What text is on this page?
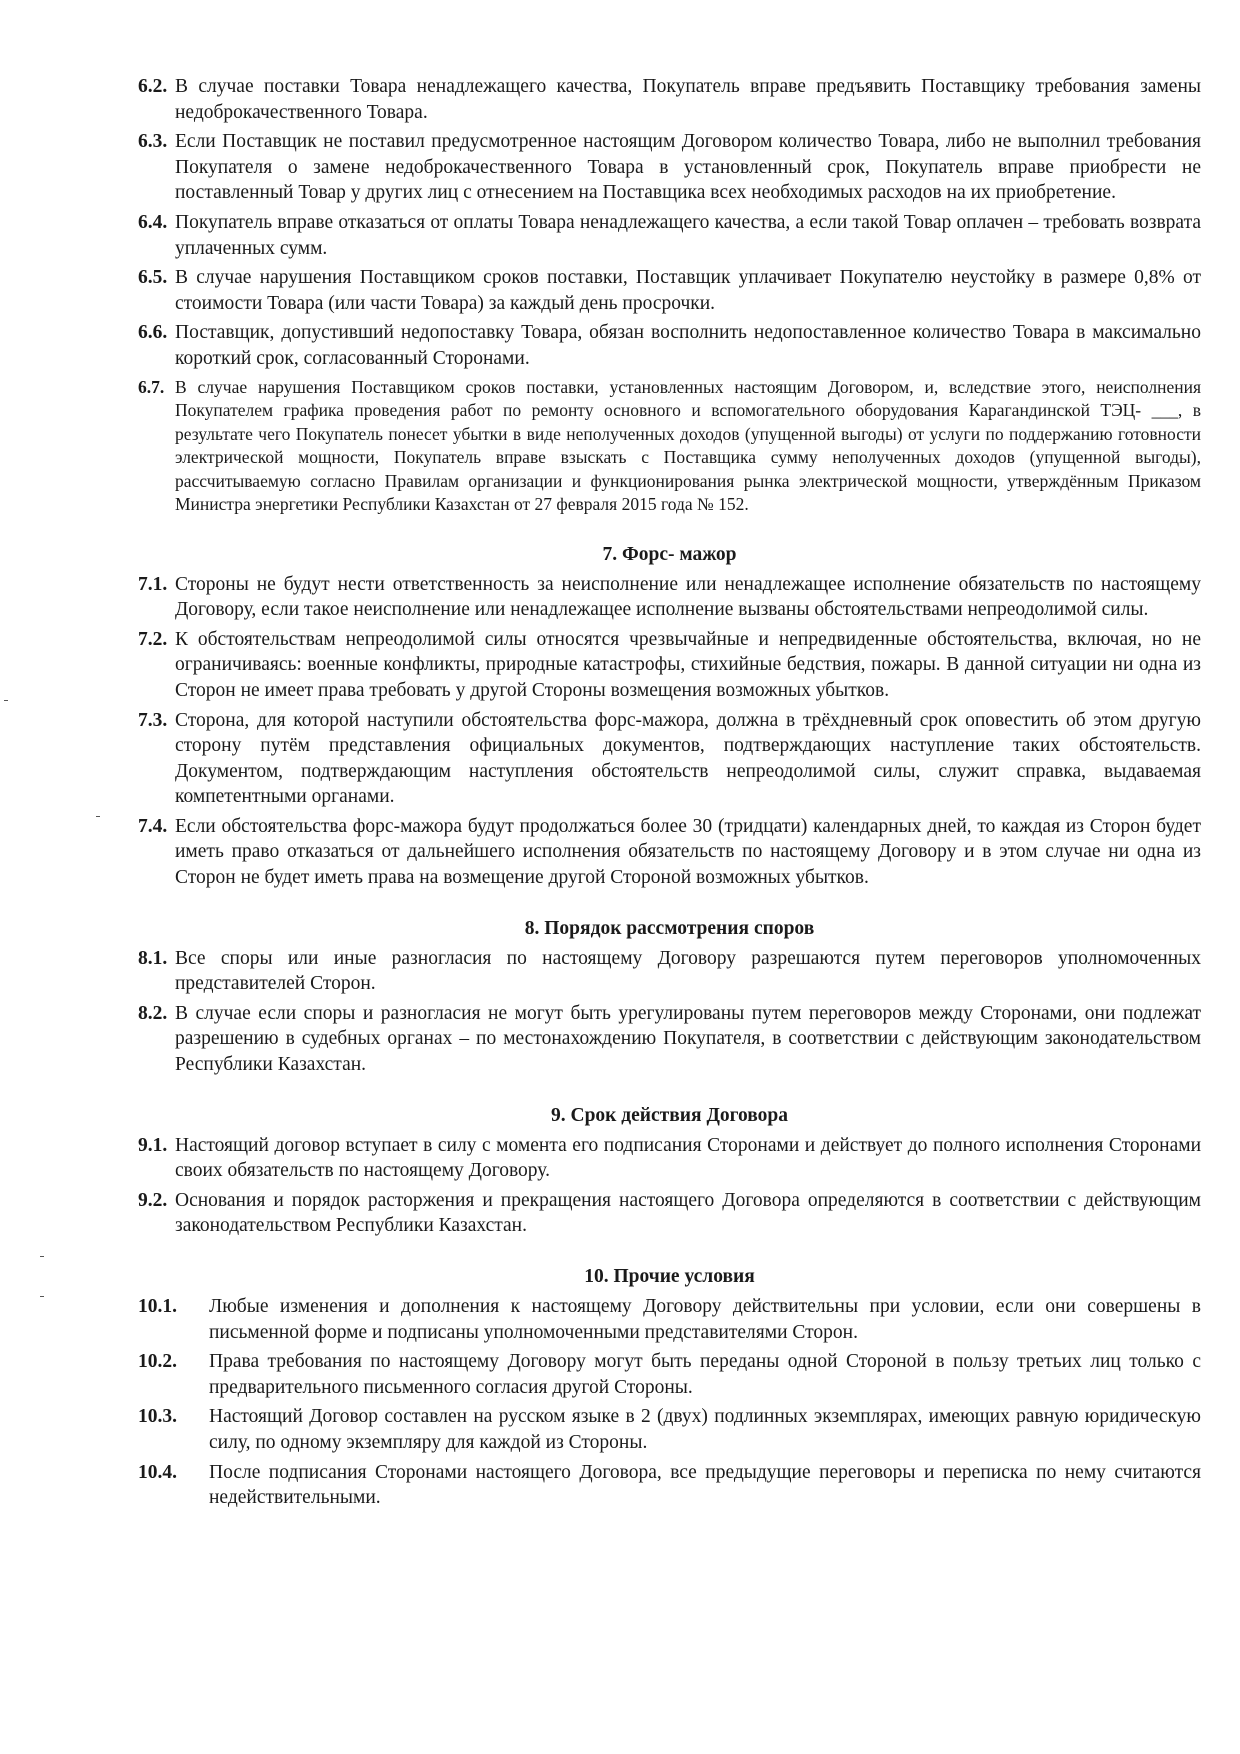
6.2. В случае поставки Товара ненадлежащего качества, Покупатель вправе предъявить Поставщику требования замены недоброкачественного Товара.
6.3. Если Поставщик не поставил предусмотренное настоящим Договором количество Товара, либо не выполнил требования Покупателя о замене недоброкачественного Товара в установленный срок, Покупатель вправе приобрести не поставленный Товар у других лиц с отнесением на Поставщика всех необходимых расходов на их приобретение.
6.4. Покупатель вправе отказаться от оплаты Товара ненадлежащего качества, а если такой Товар оплачен – требовать возврата уплаченных сумм.
6.5. В случае нарушения Поставщиком сроков поставки, Поставщик уплачивает Покупателю неустойку в размере 0,8% от стоимости Товара (или части Товара) за каждый день просрочки.
6.6. Поставщик, допустивший недопоставку Товара, обязан восполнить недопоставленное количество Товара в максимально короткий срок, согласованный Сторонами.
6.7. В случае нарушения Поставщиком сроков поставки, установленных настоящим Договором, и, вследствие этого, неисполнения Покупателем графика проведения работ по ремонту основного и вспомогательного оборудования Карагандинской ТЭЦ- ___, в результате чего Покупатель понесет убытки в виде неполученных доходов (упущенной выгоды) от услуги по поддержанию готовности электрической мощности, Покупатель вправе взыскать с Поставщика сумму неполученных доходов (упущенной выгоды), рассчитываемую согласно Правилам организации и функционирования рынка электрической мощности, утверждённым Приказом Министра энергетики Республики Казахстан от 27 февраля 2015 года № 152.
7. Форс- мажор
7.1. Стороны не будут нести ответственность за неисполнение или ненадлежащее исполнение обязательств по настоящему Договору, если такое неисполнение или ненадлежащее исполнение вызваны обстоятельствами непреодолимой силы.
7.2. К обстоятельствам непреодолимой силы относятся чрезвычайные и непредвиденные обстоятельства, включая, но не ограничиваясь: военные конфликты, природные катастрофы, стихийные бедствия, пожары. В данной ситуации ни одна из Сторон не имеет права требовать у другой Стороны возмещения возможных убытков.
7.3. Сторона, для которой наступили обстоятельства форс-мажора, должна в трёхдневный срок оповестить об этом другую сторону путём представления официальных документов, подтверждающих наступление таких обстоятельств. Документом, подтверждающим наступления обстоятельств непреодолимой силы, служит справка, выдаваемая компетентными органами.
7.4. Если обстоятельства форс-мажора будут продолжаться более 30 (тридцати) календарных дней, то каждая из Сторон будет иметь право отказаться от дальнейшего исполнения обязательств по настоящему Договору и в этом случае ни одна из Сторон не будет иметь права на возмещение другой Стороной возможных убытков.
8. Порядок рассмотрения споров
8.1. Все споры или иные разногласия по настоящему Договору разрешаются путем переговоров уполномоченных представителей Сторон.
8.2. В случае если споры и разногласия не могут быть урегулированы путем переговоров между Сторонами, они подлежат разрешению в судебных органах – по местонахождению Покупателя, в соответствии с действующим законодательством Республики Казахстан.
9. Срок действия Договора
9.1. Настоящий договор вступает в силу с момента его подписания Сторонами и действует до полного исполнения Сторонами своих обязательств по настоящему Договору.
9.2. Основания и порядок расторжения и прекращения настоящего Договора определяются в соответствии с действующим законодательством Республики Казахстан.
10. Прочие условия
10.1.	Любые изменения и дополнения к настоящему Договору действительны при условии, если они совершены в письменной форме и подписаны уполномоченными представителями Сторон.
10.2.	Права требования по настоящему Договору могут быть переданы одной Стороной в пользу третьих лиц только с предварительного письменного согласия другой Стороны.
10.3.	Настоящий Договор составлен на русском языке в 2 (двух) подлинных экземплярах, имеющих равную юридическую силу, по одному экземпляру для каждой из Стороны.
10.4.	После подписания Сторонами настоящего Договора, все предыдущие переговоры и переписка по нему считаются недействительными.
